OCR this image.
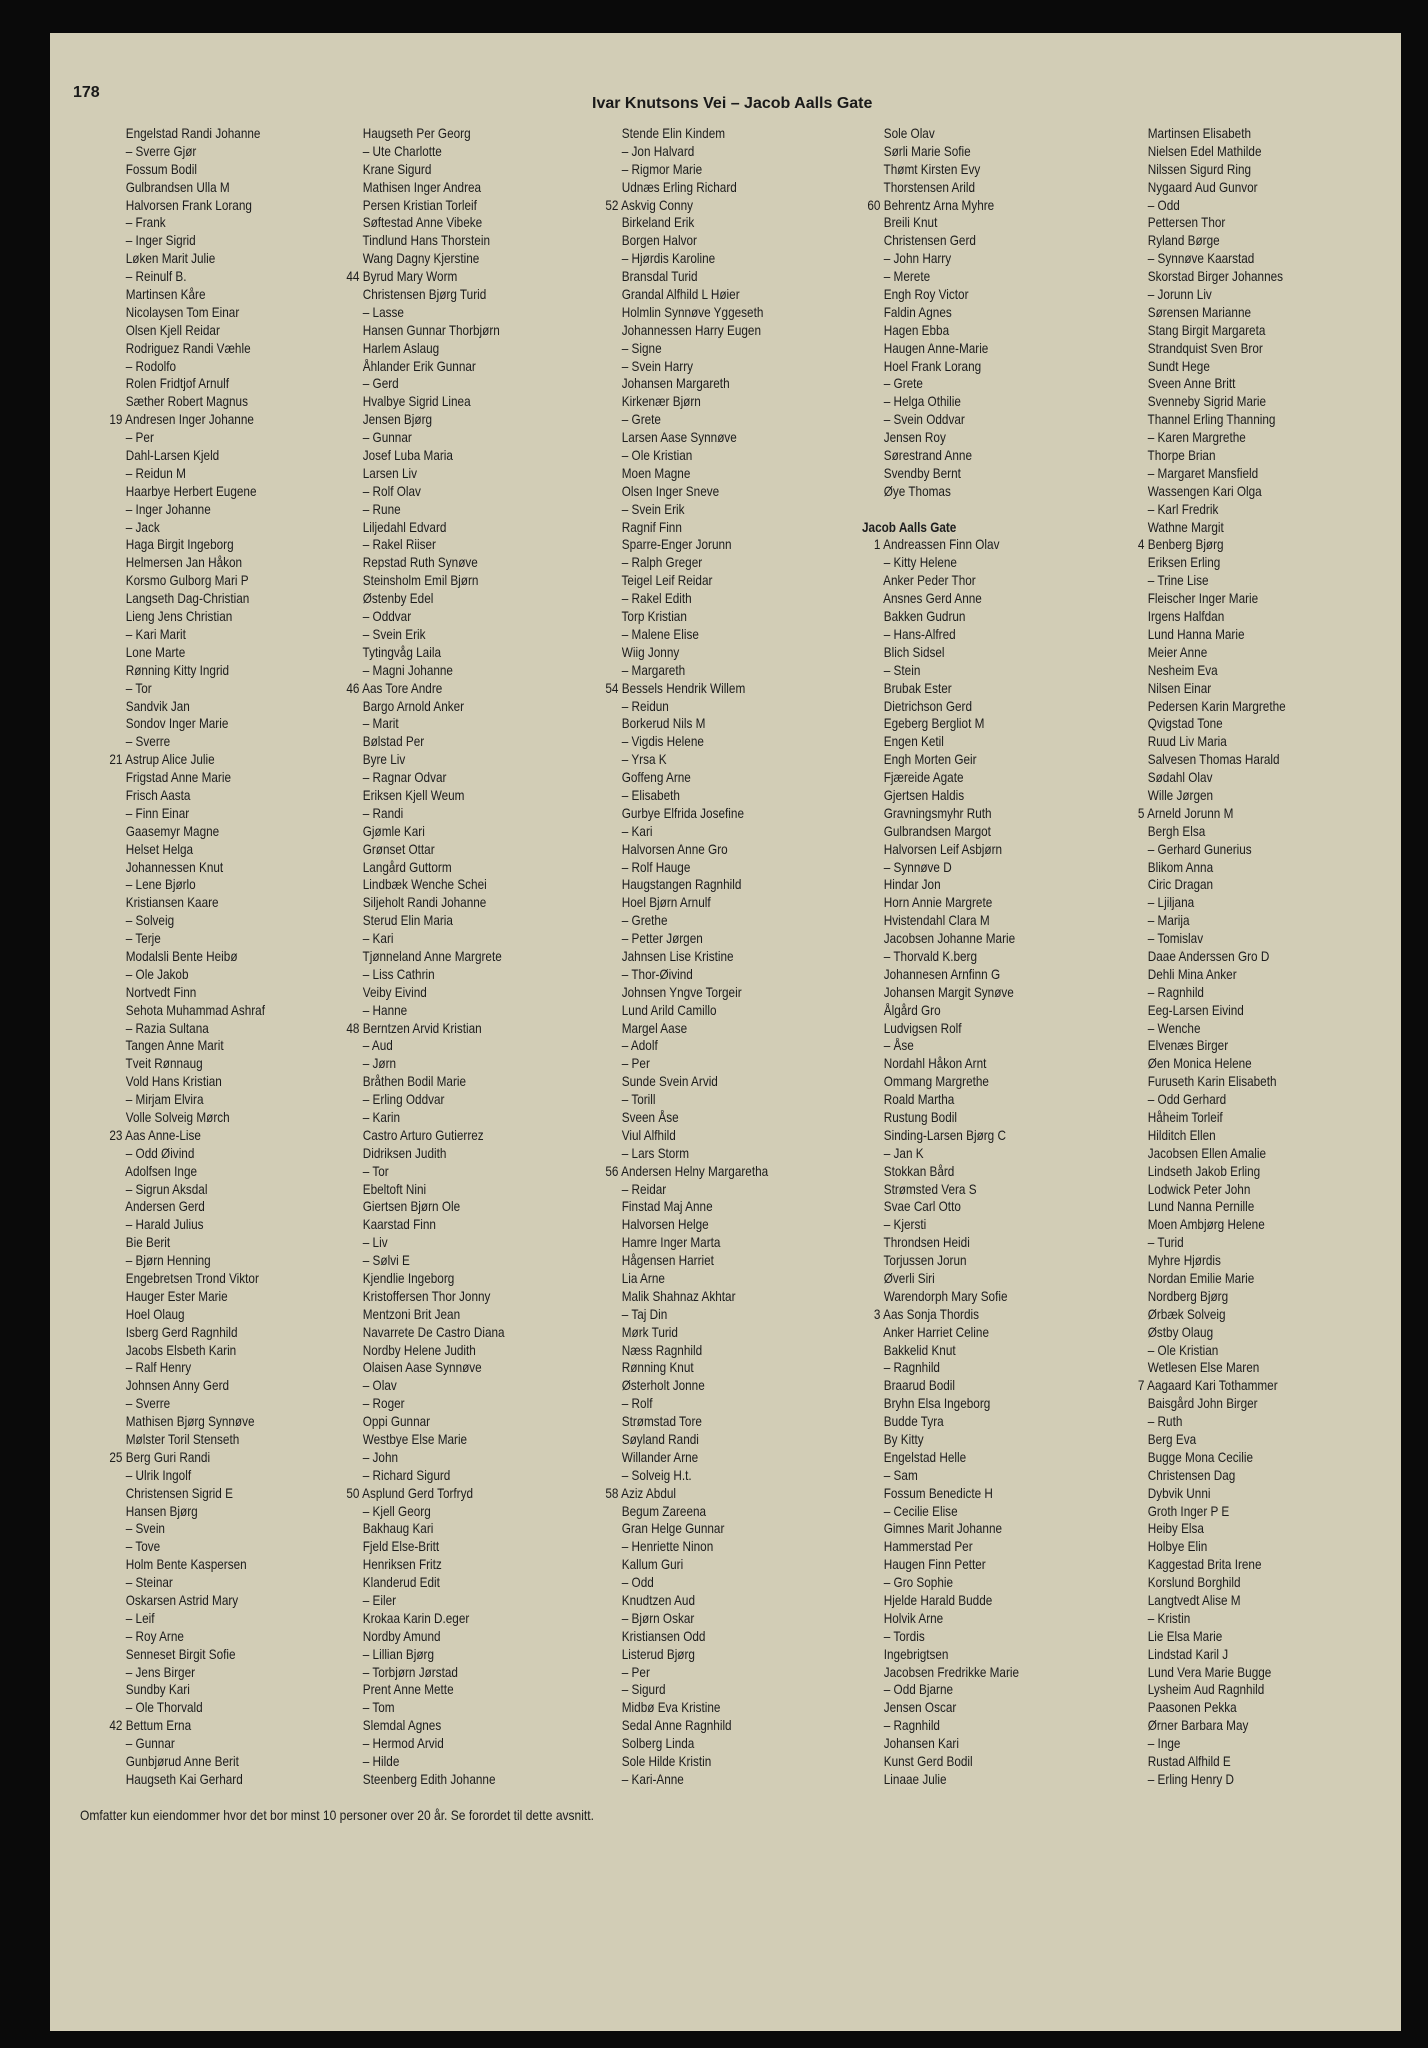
178
Ivar Knutsons Vei – Jacob Aalls Gate
Engelstad Randi Johanne
– Sverre Gjør
Fossum Bodil
Gulbrandsen Ulla M
Halvorsen Frank Lorang
– Frank
– Inger Sigrid
Løken Marit Julie
– Reinulf B.
Martinsen Kåre
Nicolaysen Tom Einar
Olsen Kjell Reidar
Rodriguez Randi Væhle
– Rodolfo
Rolen Fridtjof Arnulf
Sæther Robert Magnus
19 Andresen Inger Johanne
– Per
Dahl-Larsen Kjeld
– Reidun M
Haarbye Herbert Eugene
– Inger Johanne
– Jack
Haga Birgit Ingeborg
Helmersen Jan Håkon
Korsmo Gulborg Mari P
Langseth Dag-Christian
Lieng Jens Christian
– Kari Marit
Lone Marte
Rønning Kitty Ingrid
– Tor
Sandvik Jan
Sondov Inger Marie
– Sverre
21 Astrup Alice Julie
Frigstad Anne Marie
Frisch Aasta
– Finn Einar
Gaasemyr Magne
Helset Helga
Johannessen Knut
– Lene Bjørlo
Kristiansen Kaare
– Solveig
– Terje
Modalsli Bente Heibø
– Ole Jakob
Nortvedt Finn
Sehota Muhammad Ashraf
– Razia Sultana
Tangen Anne Marit
Tveit Rønnaug
Vold Hans Kristian
– Mirjam Elvira
Volle Solveig Mørch
23 Aas Anne-Lise
– Odd Øivind
Adolfsen Inge
– Sigrun Aksdal
Andersen Gerd
– Harald Julius
Bie Berit
– Bjørn Henning
Engebretsen Trond Viktor
Hauger Ester Marie
Hoel Olaug
Isberg Gerd Ragnhild
Jacobs Elsbeth Karin
– Ralf Henry
Johnsen Anny Gerd
– Sverre
Mathisen Bjørg Synnøve
Mølster Toril Stenseth
25 Berg Guri Randi
– Ulrik Ingolf
Christensen Sigrid E
Hansen Bjørg
– Svein
– Tove
Holm Bente Kaspersen
– Steinar
Oskarsen Astrid Mary
– Leif
– Roy Arne
Senneset Birgit Sofie
– Jens Birger
Sundby Kari
– Ole Thorvald
42 Bettum Erna
– Gunnar
Gunbjørud Anne Berit
Haugseth Kai Gerhard
Haugseth Per Georg
– Ute Charlotte
Krane Sigurd
Mathisen Inger Andrea
Persen Kristian Torleif
Søftestad Anne Vibeke
Tindlund Hans Thorstein
Wang Dagny Kjerstine
44 Byrud Mary Worm
Christensen Bjørg Turid
– Lasse
Hansen Gunnar Thorbjørn
Harlem Aslaug
Åhlander Erik Gunnar
– Gerd
Hvalbye Sigrid Linea
Jensen Bjørg
– Gunnar
Josef Luba Maria
Larsen Liv
– Rolf Olav
– Rune
Liljedahl Edvard
– Rakel Riiser
Repstad Ruth Synøve
Steinsholm Emil Bjørn
Østenby Edel
– Oddvar
– Svein Erik
Tytingvåg Laila
– Magni Johanne
46 Aas Tore Andre
Bargo Arnold Anker
– Marit
Bølstad Per
Byre Liv
– Ragnar Odvar
Eriksen Kjell Weum
– Randi
Gjømle Kari
Grønset Ottar
Langård Guttorm
Lindbæk Wenche Schei
Siljeholt Randi Johanne
Sterud Elin Maria
– Kari
Tjønneland Anne Margrete
– Liss Cathrin
Veiby Eivind
– Hanne
48 Berntzen Arvid Kristian
– Aud
– Jørn
Bråthen Bodil Marie
– Erling Oddvar
– Karin
Castro Arturo Gutierrez
Didriksen Judith
– Tor
Ebeltoft Nini
Giertsen Bjørn Ole
Kaarstad Finn
– Liv
– Sølvi E
Kjendlie Ingeborg
Kristoffersen Thor Jonny
Mentzoni Brit Jean
Navarrete De Castro Diana
Nordby Helene Judith
Olaisen Aase Synnøve
– Olav
– Roger
Oppi Gunnar
Westbye Else Marie
– John
– Richard Sigurd
50 Asplund Gerd Torfryd
– Kjell Georg
Bakhaug Kari
Fjeld Else-Britt
Henriksen Fritz
Klanderud Edit
– Eiler
Krokaa Karin D.eger
Nordby Amund
– Lillian Bjørg
– Torbjørn Jørstad
Prent Anne Mette
– Tom
Slemdal Agnes
– Hermod Arvid
– Hilde
Steenberg Edith Johanne
Stende Elin Kindem
– Jon Halvard
– Rigmor Marie
Udnæs Erling Richard
52 Askvig Conny
Birkeland Erik
Borgen Halvor
– Hjørdis Karoline
Bransdal Turid
Grandal Alfhild L Høier
Holmlin Synnøve Yggeseth
Johannessen Harry Eugen
– Signe
– Svein Harry
Johansen Margareth
Kirkenær Bjørn
– Grete
Larsen Aase Synnøve
– Ole Kristian
Moen Magne
Olsen Inger Sneve
– Svein Erik
Ragnif Finn
Sparre-Enger Jorunn
– Ralph Greger
Teigel Leif Reidar
– Rakel Edith
Torp Kristian
– Malene Elise
Wiig Jonny
– Margareth
54 Bessels Hendrik Willem
– Reidun
Borkerud Nils M
– Vigdis Helene
– Yrsa K
Goffeng Arne
– Elisabeth
Gurbye Elfrida Josefine
– Kari
Halvorsen Anne Gro
– Rolf Hauge
Haugstangen Ragnhild
Hoel Bjørn Arnulf
– Grethe
– Petter Jørgen
Jahnsen Lise Kristine
– Thor-Øivind
Johnsen Yngve Torgeir
Lund Arild Camillo
Margel Aase
– Adolf
– Per
Sunde Svein Arvid
– Torill
Sveen Åse
Viul Alfhild
– Lars Storm
56 Andersen Helny Margaretha
– Reidar
Finstad Maj Anne
Halvorsen Helge
Hamre Inger Marta
Hågensen Harriet
Lia Arne
Malik Shahnaz Akhtar
– Taj Din
Mørk Turid
Næss Ragnhild
Rønning Knut
Østerholt Jonne
– Rolf
Strømstad Tore
Søyland Randi
Willander Arne
– Solveig H.t.
58 Aziz Abdul
Begum Zareena
Gran Helge Gunnar
– Henriette Ninon
Kallum Guri
– Odd
Knudtzen Aud
– Bjørn Oskar
Kristiansen Odd
Listerud Bjørg
– Per
– Sigurd
Midbø Eva Kristine
Sedal Anne Ragnhild
Solberg Linda
Sole Hilde Kristin
– Kari-Anne
Sole Olav
Sørli Marie Sofie
Thømt Kirsten Evy
Thorstensen Arild
60 Behrentz Arna Myhre
Breili Knut
Christensen Gerd
– John Harry
– Merete
Engh Roy Victor
Faldin Agnes
Hagen Ebba
Haugen Anne-Marie
Hoel Frank Lorang
– Grete
– Helga Othilie
– Svein Oddvar
Jensen Roy
Sørestrand Anne
Svendby Bernt
Øye Thomas
Jacob Aalls Gate
1 Andreassen Finn Olav
– Kitty Helene
Anker Peder Thor
Ansnes Gerd Anne
Bakken Gudrun
– Hans-Alfred
Blich Sidsel
– Stein
Brubak Ester
Dietrichson Gerd
Egeberg Bergliot M
Engen Ketil
Engh Morten Geir
Fjæreide Agate
Gjertsen Haldis
Gravningsmyhr Ruth
Gulbrandsen Margot
Halvorsen Leif Asbjørn
– Synnøve D
Hindar Jon
Horn Annie Margrete
Hvistendahl Clara M
Jacobsen Johanne Marie
– Thorvald K.berg
Johannesen Arnfinn G
Johansen Margit Synøve
Ålgård Gro
Ludvigsen Rolf
– Åse
Nordahl Håkon Arnt
Ommang Margrethe
Roald Martha
Rustung Bodil
Sinding-Larsen Bjørg C
– Jan K
Stokkan Bård
Strømsted Vera S
Svae Carl Otto
– Kjersti
Throndsen Heidi
Torjussen Jorun
Øverli Siri
Warendorph Mary Sofie
3 Aas Sonja Thordis
Anker Harriet Celine
Bakkelid Knut
– Ragnhild
Braarud Bodil
Bryhn Elsa Ingeborg
Budde Tyra
By Kitty
Engelstad Helle
– Sam
Fossum Benedicte H
– Cecilie Elise
Gimnes Marit Johanne
Hammerstad Per
Haugen Finn Petter
– Gro Sophie
Hjelde Harald Budde
Holvik Arne
– Tordis
Ingebrigtsen
Jacobsen Fredrikke Marie
– Odd Bjarne
Jensen Oscar
– Ragnhild
Johansen Kari
Kunst Gerd Bodil
Linaae Julie
Martinsen Elisabeth
Nielsen Edel Mathilde
Nilssen Sigurd Ring
Nygaard Aud Gunvor
– Odd
Pettersen Thor
Ryland Børge
– Synnøve Kaarstad
Skorstad Birger Johannes
– Jorunn Liv
Sørensen Marianne
Stang Birgit Margareta
Strandquist Sven Bror
Sundt Hege
Sveen Anne Britt
Svenneby Sigrid Marie
Thannel Erling Thanning
– Karen Margrethe
Thorpe Brian
– Margaret Mansfield
Wassengen Kari Olga
– Karl Fredrik
Wathne Margit
4 Benberg Bjørg
Eriksen Erling
– Trine Lise
Fleischer Inger Marie
Irgens Halfdan
Lund Hanna Marie
Meier Anne
Nesheim Eva
Nilsen Einar
Pedersen Karin Margrethe
Qvigstad Tone
Ruud Liv Maria
Salvesen Thomas Harald
Sødahl Olav
Wille Jørgen
5 Arneld Jorunn M
Bergh Elsa
– Gerhard Gunerius
Blikom Anna
Ciric Dragan
– Ljiljana
– Marija
– Tomislav
Daae Anderssen Gro D
Dehli Mina Anker
– Ragnhild
Eeg-Larsen Eivind
– Wenche
Elvenæs Birger
Øen Monica Helene
Furuseth Karin Elisabeth
– Odd Gerhard
Håheim Torleif
Hilditch Ellen
Jacobsen Ellen Amalie
Lindseth Jakob Erling
Lodwick Peter John
Lund Nanna Pernille
Moen Ambjørg Helene
– Turid
Myhre Hjørdis
Nordan Emilie Marie
Nordberg Bjørg
Ørbæk Solveig
Østby Olaug
– Ole Kristian
Wetlesen Else Maren
7 Aagaard Kari Tothammer
Baisgård John Birger
– Ruth
Berg Eva
Bugge Mona Cecilie
Christensen Dag
Dybvik Unni
Groth Inger P E
Heiby Elsa
Holbye Elin
Kaggestad Brita Irene
Korslund Borghild
Langtvedt Alise M
– Kristin
Lie Elsa Marie
Lindstad Karil J
Lund Vera Marie Bugge
Lysheim Aud Ragnhild
Paasonen Pekka
Ørner Barbara May
– Inge
Rustad Alfhild E
– Erling Henry D
Omfatter kun eiendommer hvor det bor minst 10 personer over 20 år. Se forordet til dette avsnitt.
